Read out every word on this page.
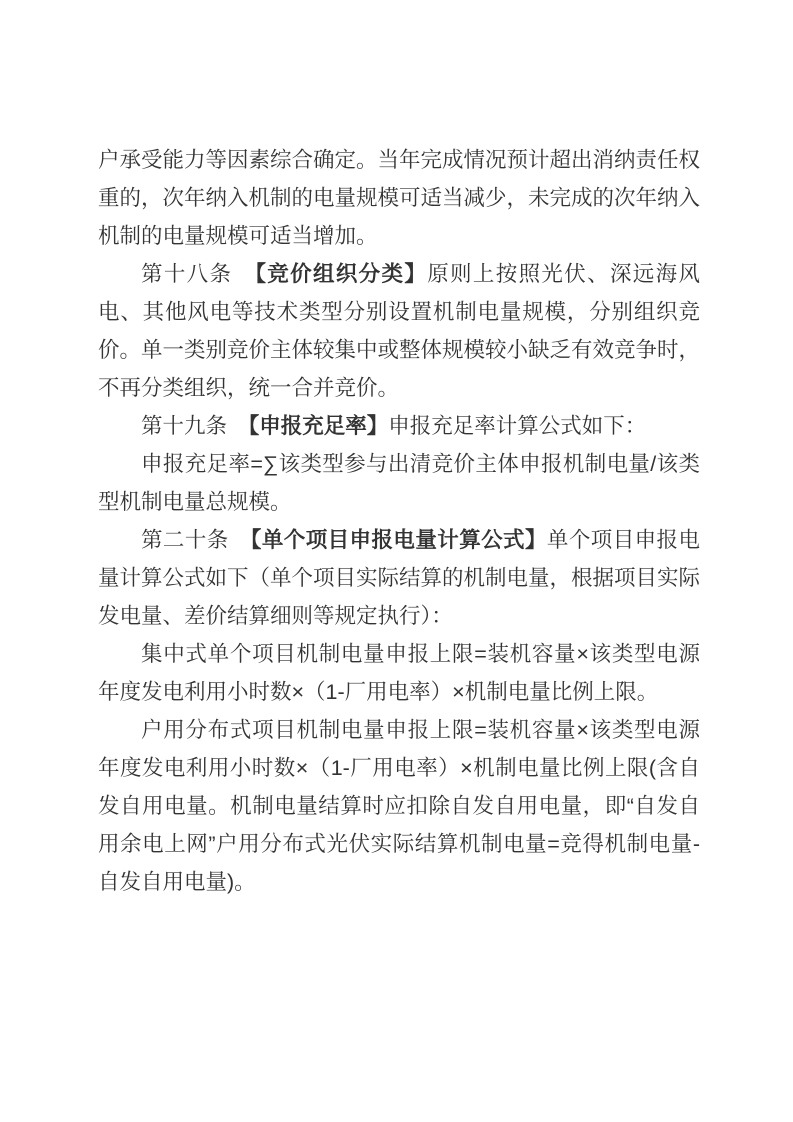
户承受能力等因素综合确定。当年完成情况预计超出消纳责任权重的，次年纳入机制的电量规模可适当减少，未完成的次年纳入机制的电量规模可适当增加。

第十八条　【竞价组织分类】原则上按照光伏、深远海风电、其他风电等技术类型分别设置机制电量规模，分别组织竞价。单一类别竞价主体较集中或整体规模较小缺乏有效竞争时，不再分类组织，统一合并竞价。

第十九条　【申报充足率】申报充足率计算公式如下：

申报充足率=∑该类型参与出清竞价主体申报机制电量/该类型机制电量总规模。

第二十条　【单个项目申报电量计算公式】单个项目申报电量计算公式如下（单个项目实际结算的机制电量，根据项目实际发电量、差价结算细则等规定执行）：

集中式单个项目机制电量申报上限=装机容量×该类型电源年度发电利用小时数×（1-厂用电率）×机制电量比例上限。

户用分布式项目机制电量申报上限=装机容量×该类型电源年度发电利用小时数×（1-厂用电率）×机制电量比例上限(含自发自用电量。机制电量结算时应扣除自发自用电量，即“自发自用余电上网”户用分布式光伏实际结算机制电量=竞得机制电量-自发自用电量)。
